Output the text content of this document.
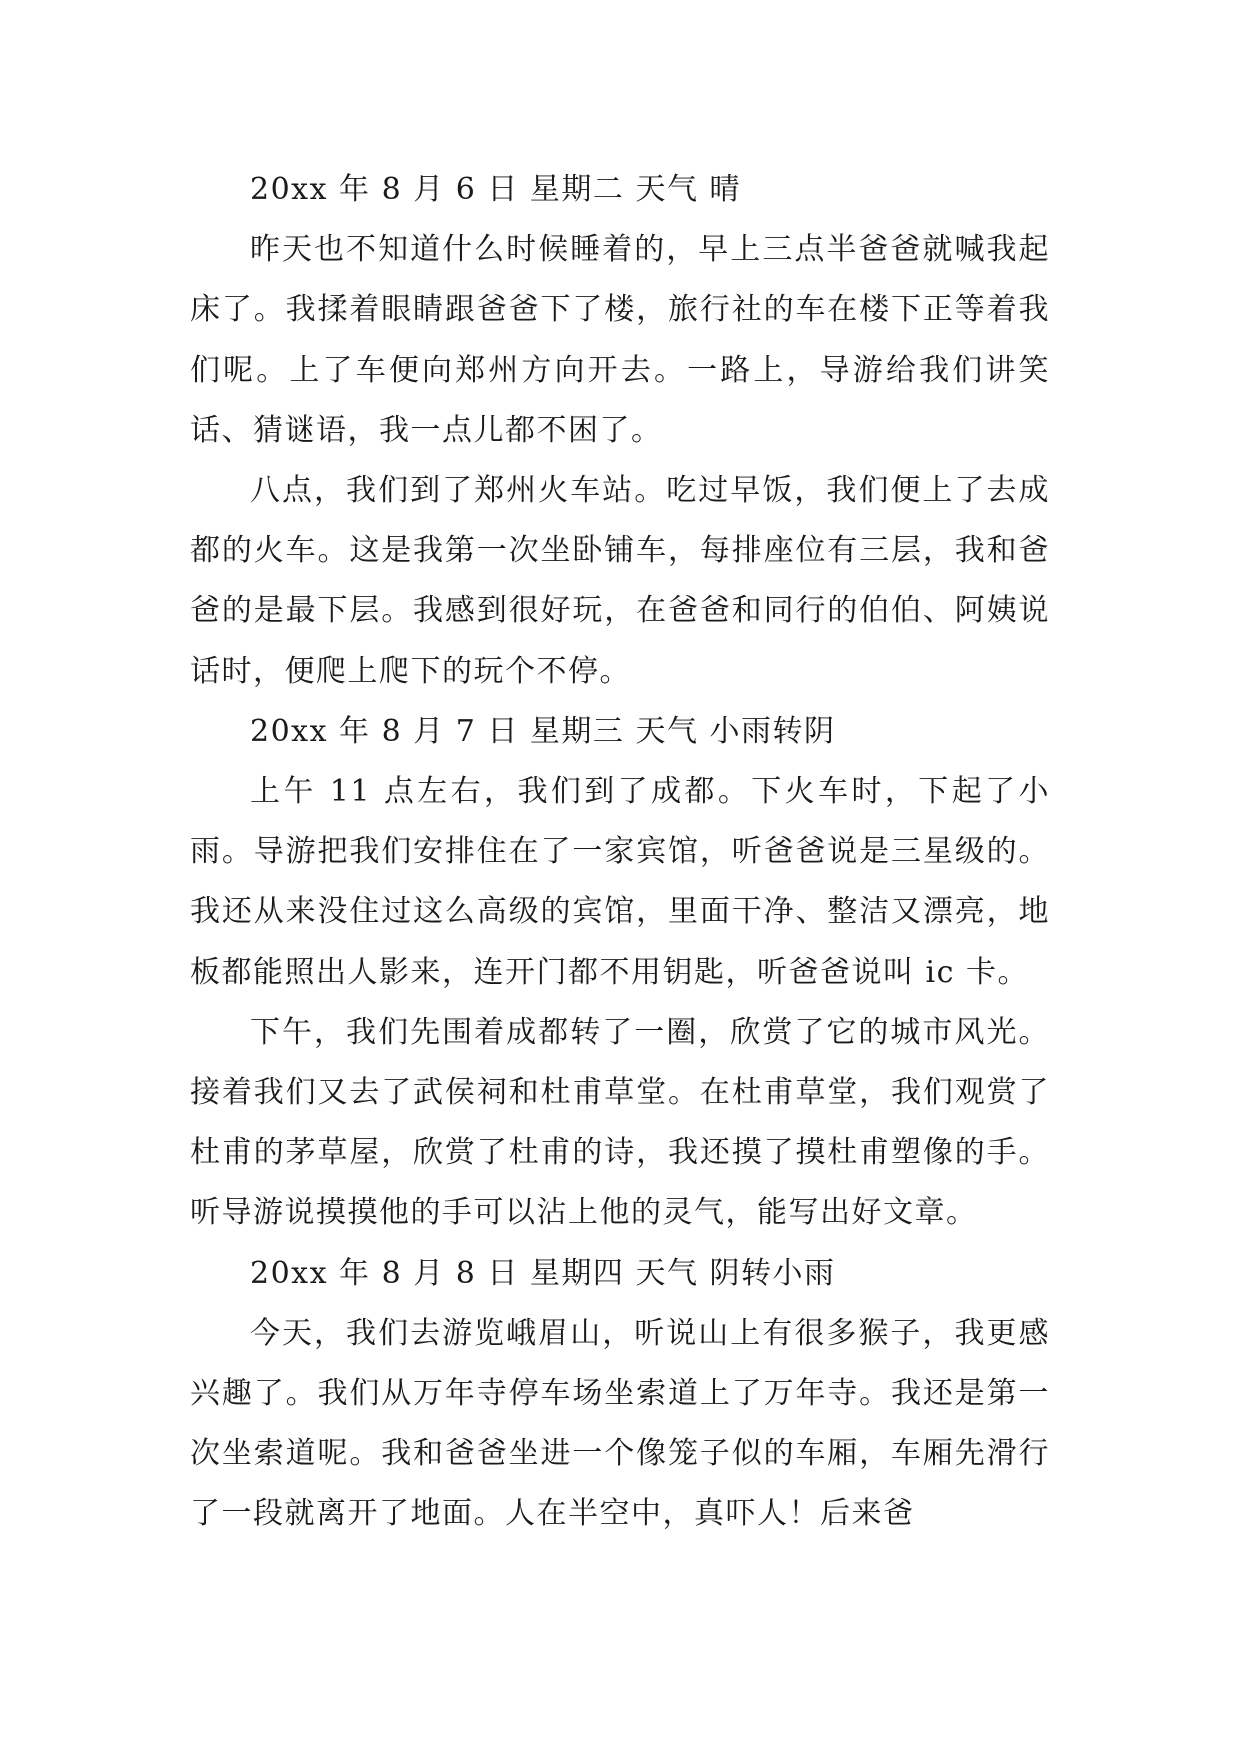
20xx 年 8 月 6 日 星期二 天气 晴

昨天也不知道什么时候睡着的，早上三点半爸爸就喊我起床了。我揉着眼睛跟爸爸下了楼，旅行社的车在楼下正等着我们呢。上了车便向郑州方向开去。一路上，导游给我们讲笑话、猜谜语，我一点儿都不困了。

八点，我们到了郑州火车站。吃过早饭，我们便上了去成都的火车。这是我第一次坐卧铺车，每排座位有三层，我和爸爸的是最下层。我感到很好玩，在爸爸和同行的伯伯、阿姨说话时，便爬上爬下的玩个不停。

20xx 年 8 月 7 日 星期三 天气 小雨转阴

上午 11 点左右，我们到了成都。下火车时，下起了小雨。导游把我们安排住在了一家宾馆，听爸爸说是三星级的。我还从来没住过这么高级的宾馆，里面干净、整洁又漂亮，地板都能照出人影来，连开门都不用钥匙，听爸爸说叫 ic 卡。

下午，我们先围着成都转了一圈，欣赏了它的城市风光。接着我们又去了武侯祠和杜甫草堂。在杜甫草堂，我们观赏了杜甫的茅草屋，欣赏了杜甫的诗，我还摸了摸杜甫塑像的手。听导游说摸摸他的手可以沾上他的灵气，能写出好文章。

20xx 年 8 月 8 日 星期四 天气 阴转小雨

今天，我们去游览峨眉山，听说山上有很多猴子，我更感兴趣了。我们从万年寺停车场坐索道上了万年寺。我还是第一次坐索道呢。我和爸爸坐进一个像笼子似的车厢，车厢先滑行了一段就离开了地面。人在半空中，真吓人！后来爸
